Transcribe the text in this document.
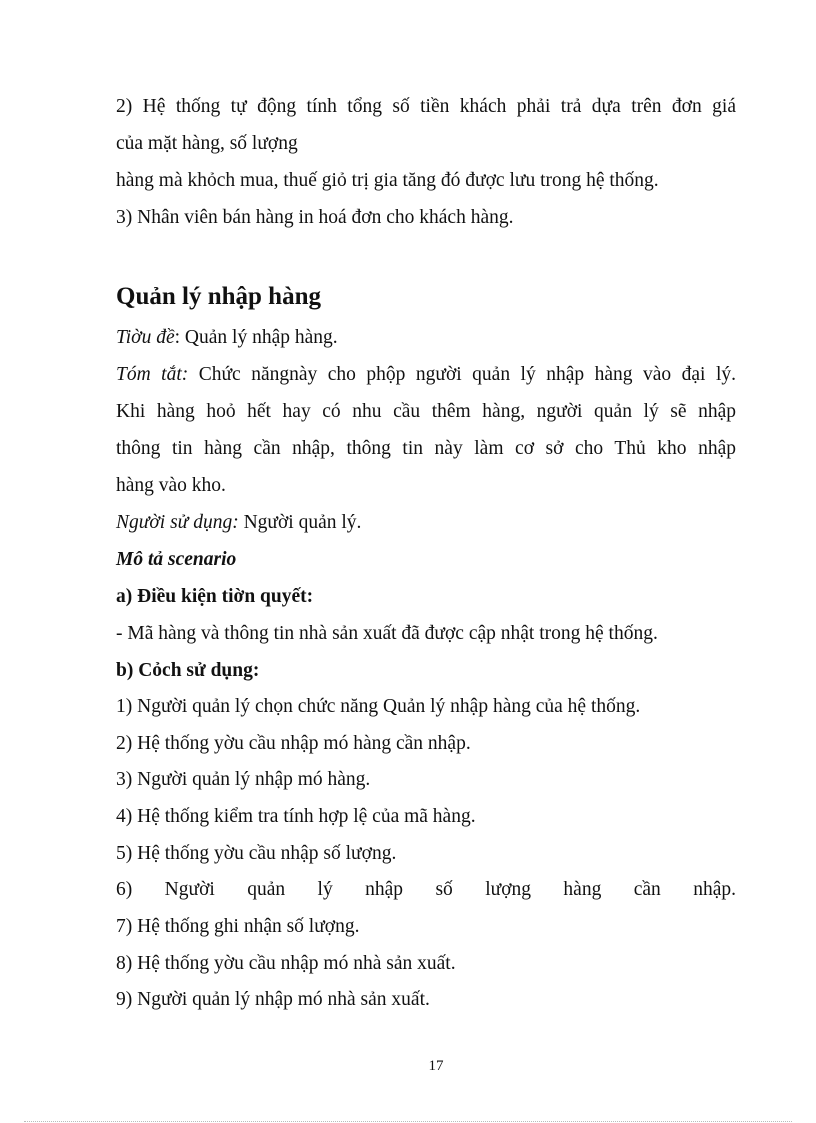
2) Hệ thống tự động tính tổng số tiền khách phải trả dựa trên đơn giá

của mặt hàng, số lượng

hàng mà khỏch mua, thuế giỏ trị gia tăng đó được lưu trong hệ thống.

3) Nhân viên bán hàng in hoá đơn cho khách hàng.

Quản lý nhập hàng

Tiờu đề: Quản lý nhập hàng.

Tóm tắt: Chức năngnày cho phộp người quản lý nhập hàng vào đại lý.

Khi hàng hoỏ hết hay có nhu cầu thêm hàng, người quản lý sẽ nhập

thông tin hàng cần nhập, thông tin này làm cơ sở cho Thủ kho nhập

hàng vào kho.

Người sử dụng: Người quản lý.

Mô tả scenario

a) Điều kiện tiờn quyết:

- Mã hàng và thông tin nhà sản xuất đã được cập nhật trong hệ thống.

b) Cỏch sử dụng:

1) Người quản lý chọn chức năng Quản lý nhập hàng của hệ thống.

2) Hệ thống yờu cầu nhập mó hàng cần nhập.

3) Người quản lý nhập mó hàng.

4) Hệ thống kiểm tra tính hợp lệ của mã hàng.

5) Hệ thống yờu cầu nhập số lượng.

6) Người quản lý nhập số lượng hàng cần nhập.

7) Hệ thống ghi nhận số lượng.

8) Hệ thống yờu cầu nhập mó nhà sản xuất.

9) Người quản lý nhập mó nhà sản xuất.

17
